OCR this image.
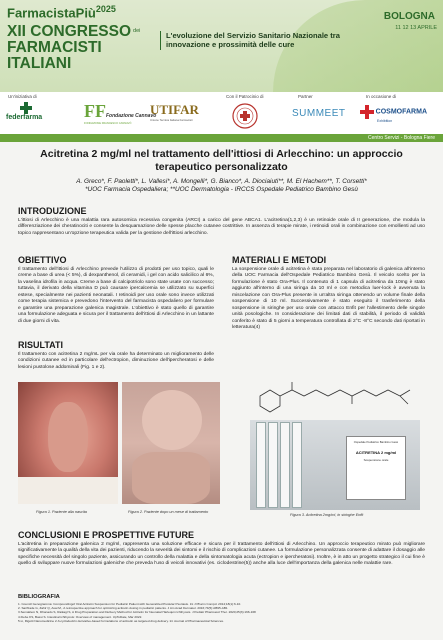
FarmacistaPiù$^{2025}$
XII CONGRESSO dei
FARMACISTI
ITALIANI
L'evoluzione del Servizio Sanitario Nazionale tra innovazione e prossimità delle cure
BOLOGNA
11 12 13 APRILE
Un'iniziativa di	Con il Patrocinio di	Partner	In occasione di
federfarma FFFondazione Cannavò
FONDAZIONE FRANCESCO CANNAVÒ
UTIFAR
Unione Tecnica Italiana Farmacisti
SUMMEET	COSMOFARMA
Exhibition
Centro Servizi - Bologna Fiere
Acitretina 2 mg/ml nel trattamento dell'ittiosi di Arlecchino: un approccio terapeutico personalizzato
A. Greco*, F. Paoletti*, L. Vallesi*, A. Mongelli*, G. Bianco*, A. Diociaiuti**, M. El Hachem**, T. Corsetti*
*UOC Farmacia Ospedaliera; **UOC Dermatologia - IRCCS Ospedale Pediatrico Bambino Gesù
INTRODUZIONE
L'ittiosi di Arlecchino è una malattia rara autosomica recessiva congenita (ARCI) a carico del gene ABCA1. L'acitretina(1,2,3) è un retinoide orale di II generazione, che modula la differenziazione dei cheratinociti e consente la desquamazione delle spesse placche cutanee costrittive. In assenza di terapie mirate, i retinoidi orali in combinazione con emollienti ad uso topico rappresentano un'opzione terapeutica valida per la gestione dell'ittiosi arlecchino.
OBIETTIVO
Il trattamento dell'ittiosi di Arlecchino prevede l'utilizzo di prodotti per uso topico, quali le creme a base di urea (< 5%), di dexpanthenol, di ceramidi, i gel con acido salicilico al 6%, la vaselina idrofila in acqua. Creme a base di calcipotriolo sono state usate con successo; tuttavia, il derivato della vitamina D può causare ipercalcemia se utilizzato su superfici estese, specialmente nei pazienti neonatali. I retinoidi per uso orale sono invece utilizzati come terapia sistemica e prevedono l'intervento del farmacista ospedaliero per formulare e garantire una preparazione galenica magistrale. L'obiettivo è stato quello di garantire una formulazione adeguata e sicura per il trattamento dell'ittiosi di Arlecchino in un lattante di due giorni di vita.
RISULTATI
Il trattamento con acitretina 2 mg/mL per via orale ha determinato un miglioramento delle condizioni cutanee ed in particolare dell'ectropion, diminuzione dell'ipercheratosi e delle lesioni pustolose addominali (Fig. 1 e 2).
MATERIALI E METODI
La sospensione orale di acitretina è stata preparata nel laboratorio di galenica all'interno della UOC Farmacia dell'Ospedale Pediatrico Bambino Gesù. Il veicolo scelto per la formulazione è stato Ora-Plus. Il contenuto di 1 capsula di acitretina da 10mg è stato aggiunto all'interno di una siringa da 10 ml e con metodica luer-lock è avvenuta la miscelazione con Ora-Plus presente in un'altra siringa ottenendo un volume finale della sospensione di 10 ml. Successivamente è stato eseguito il trasferimento della sospensione in siringhe per uso orale con attacco Enfit per l'allestimento delle singole unità posologiche. In considerazione dei limitati dati di stabilità, il periodo di validità conferito è stato di 5 giorni a temperatura controllata di 2°C -8°C secondo dati riportati in letteratura(4)
Figura 1. Paziente alla nascita	Figura 2. Paziente dopo un mese di trattamento
Ospedale Pediatrico Bambino Gesù
ACITRETINA 2 mg/ml
Sospensione orale
Figura 3. Acitretina 2mg/ml, in siringhe Enfit
CONCLUSIONI E PROSPETTIVE FUTURE
L'acitretina in preparazione galenica 2 mg/ml, rappresenta una soluzione efficace e sicura per il trattamento dell'ittiosi di Arlecchino. Un approccio terapeutico mirato può migliorare significativamente la qualità della vita dei pazienti, riducendo la severità dei sintomi e il rischio di complicazioni cutanee. La formulazione personalizzata consente di adattare il dosaggio alle specifiche necessità del singolo paziente, assicurando un controllo della malattia e della sintomatologia acuta (ectropion e ipercheratosi). Inoltre, è in atto un progetto strategico il cui fine è quello di sviluppare nuove formulazioni galeniche che preveda l'uso di veicoli innovativi (es. ciclodestrine(5)) anche alla luce dell'importanza della galenica nelle malattie rare.
BIBLIOGRAFIA
1. Council Genogramma: Compoundingof Oral Acitretin Suspension for Pediatric Patient with Generalized Pustular Psoriasis. Int J Pharm Compd. 2014;18(1):6-10.
2. Sarifzade G, Zahir Q, Asai M,. A retrospective approach for optimizing acitretin dosing in pediatric patients. J Am Acad Dermatol. 2016;74(5):AB95-AB1
3.Semaklem N, Dhanado S, Raikagl S, A Drug Preparation and Delivery Method for Acitretin for Neonatal Harlequin Ichthyosis. J Pediatr Pharmacol Ther. 2020;25(3):166-168
4.Fiebe KS, Bassi S. Intestinal ichthyosis: Overview of management. UpToDate, Mar 2022.
5.Li, Rigotti Nanomedicine 2-3-cyclodextrin derivative-based formulations of acitretin as targeted drug delivery. Int Journal of Pharmaceutical Sciences.
